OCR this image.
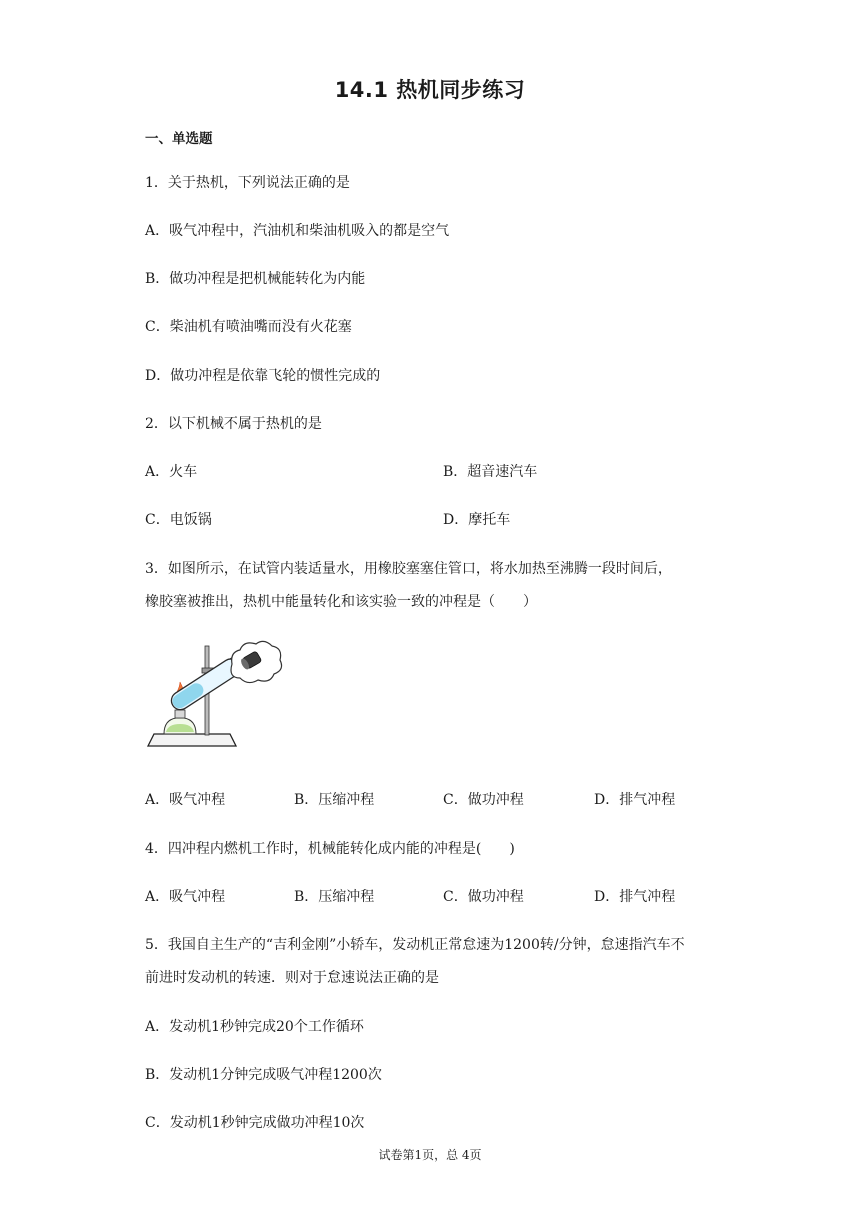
14.1 热机同步练习
一、单选题
1．关于热机，下列说法正确的是
A．吸气冲程中，汽油机和柴油机吸入的都是空气
B．做功冲程是把机械能转化为内能
C．柴油机有喷油嘴而没有火花塞
D．做功冲程是依靠飞轮的惯性完成的
2．以下机械不属于热机的是
A．火车	B．超音速汽车
C．电饭锅	D．摩托车
3．如图所示，在试管内装适量水，用橡胶塞塞住管口，将水加热至沸腾一段时间后，
橡胶塞被推出，热机中能量转化和该实验一致的冲程是（　　）
A．吸气冲程	B．压缩冲程	C．做功冲程	D．排气冲程
4．四冲程内燃机工作时，机械能转化成内能的冲程是(　　)
A．吸气冲程	B．压缩冲程	C．做功冲程	D．排气冲程
5．我国自主生产的“吉利金刚”小轿车，发动机正常怠速为1200转/分钟，怠速指汽车不
前进时发动机的转速．则对于怠速说法正确的是
A．发动机1秒钟完成20个工作循环
B．发动机1分钟完成吸气冲程1200次
C．发动机1秒钟完成做功冲程10次
试卷第1页，总 4页
